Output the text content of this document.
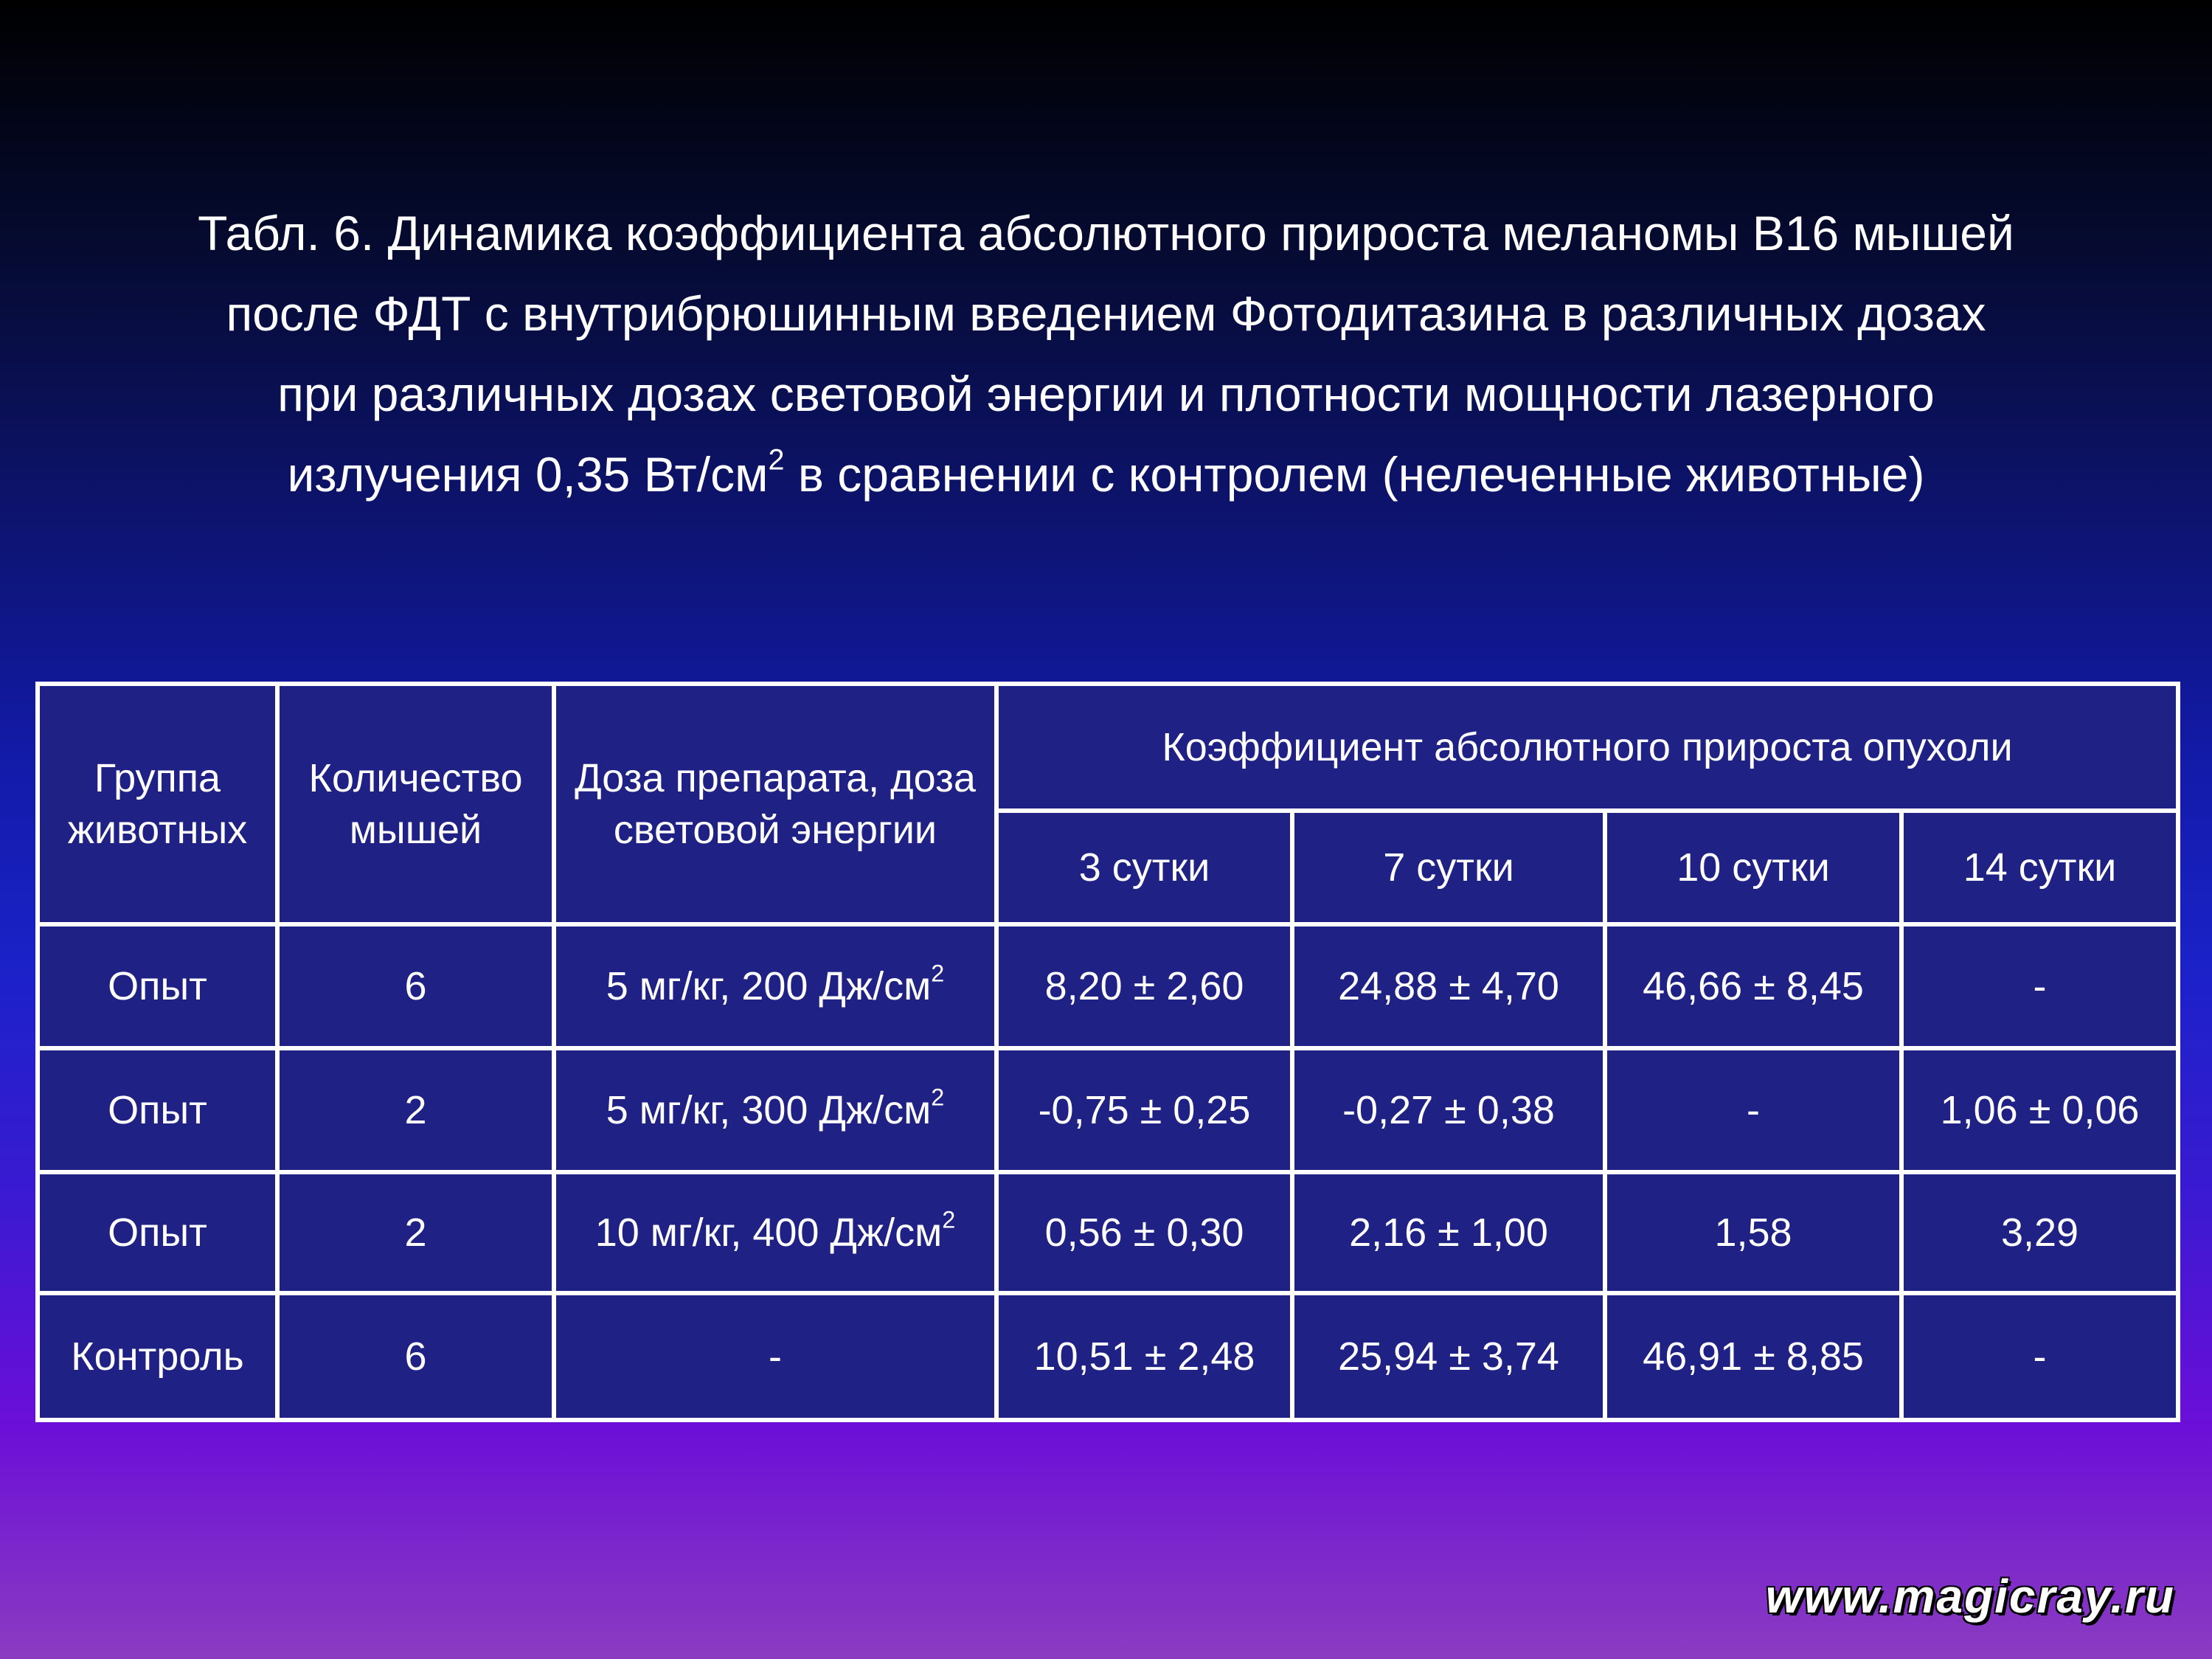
Табл. 6. Динамика коэффициента абсолютного прироста меланомы В16 мышей
после ФДТ с внутрибрюшинным введением Фотодитазина в различных дозах
при различных дозах световой энергии и плотности мощности лазерного
излучения 0,35 $Вт/см^2$ в сравнении с контролем (нелеченные животные)
Группа животных	Количество мышей	Доза препарата, доза световой энергии	Коэффициент абсолютного прироста опухоли			
			3 сутки	7 сутки	10 сутки	14 сутки
Опыт	6	5 мг/кг, 200 $Дж/см^2$	8,20 ± 2,60	24,88 ± 4,70	46,66 ± 8,45	-
Опыт	2	5 мг/кг, 300 $Дж/см^2$	-0,75 ± 0,25	-0,27 ± 0,38	-	1,06 ± 0,06
Опыт	2	10 мг/кг, 400 $Дж/см^2$	0,56 ± 0,30	2,16 ± 1,00	1,58	3,29
Контроль	6	-	10,51 ± 2,48	25,94 ± 3,74	46,91 ± 8,85	-
www.magicray.ru
